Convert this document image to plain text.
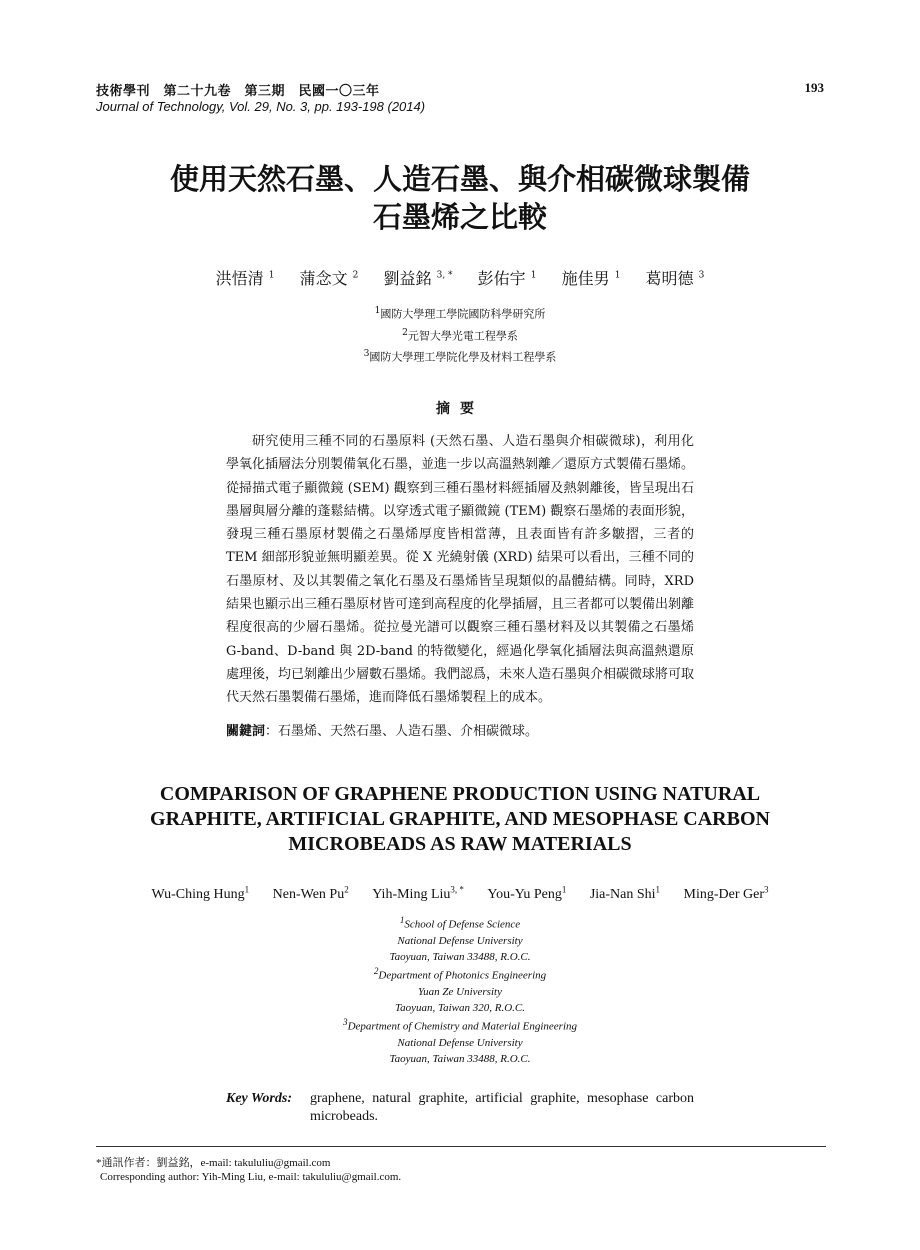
技術學刊　第二十九卷　第三期　民國一〇三年
Journal of Technology, Vol. 29, No. 3, pp. 193-198 (2014)
193
使用天然石墨、人造石墨、與介相碳微球製備
石墨烯之比較
洪悟清 $^1$ 蒲念文 $^2$ 劉益銘 $^{3, *}$ 彭佑宇 $^1$ 施佳男 $^1$ 葛明德 $^3$
$^1$國防大學理工學院國防科學研究所
$^2$元智大學光電工程學系
$^3$國防大學理工學院化學及材料工程學系
摘要
研究使用三種不同的石墨原料 (天然石墨、人造石墨與介相碳微球)，利用化學氧化插層法分別製備氧化石墨，並進一步以高溫熱剝離／還原方式製備石墨烯。從掃描式電子顯微鏡 (SEM) 觀察到三種石墨材料經插層及熱剝離後，皆呈現出石墨層與層分離的蓬鬆結構。以穿透式電子顯微鏡 (TEM) 觀察石墨烯的表面形貌，發現三種石墨原材製備之石墨烯厚度皆相當薄，且表面皆有許多皺摺，三者的 TEM 細部形貌並無明顯差異。從 X 光繞射儀 (XRD) 結果可以看出，三種不同的石墨原材、及以其製備之氧化石墨及石墨烯皆呈現類似的晶體結構。同時，XRD 結果也顯示出三種石墨原材皆可達到高程度的化學插層，且三者都可以製備出剝離程度很高的少層石墨烯。從拉曼光譜可以觀察三種石墨材料及以其製備之石墨烯 G-band、D-band 與 2D-band 的特徵變化，經過化學氧化插層法與高溫熱還原處理後，均已剝離出少層數石墨烯。我們認爲，未來人造石墨與介相碳微球將可取代天然石墨製備石墨烯，進而降低石墨烯製程上的成本。
關鍵詞：石墨烯、天然石墨、人造石墨、介相碳微球。
COMPARISON OF GRAPHENE PRODUCTION USING NATURAL
GRAPHITE, ARTIFICIAL GRAPHITE, AND MESOPHASE CARBON
MICROBEADS AS RAW MATERIALS
Wu-Ching Hung$^1$ Nen-Wen Pu$^2$ Yih-Ming Liu$^{3, *}$ You-Yu Peng$^1$ Jia-Nan Shi$^1$ Ming-Der Ger$^3$
$^1$School of Defense Science
National Defense University
Taoyuan, Taiwan 33488, R.O.C.
$^2$Department of Photonics Engineering
Yuan Ze University
Taoyuan, Taiwan 320, R.O.C.
$^3$Department of Chemistry and Material Engineering
National Defense University
Taoyuan, Taiwan 33488, R.O.C.
Key Words: graphene, natural graphite, artificial graphite, mesophase carbon microbeads.
*通訊作者：劉益銘，e-mail: takululiu@gmail.com
Corresponding author: Yih-Ming Liu, e-mail: takululiu@gmail.com.
